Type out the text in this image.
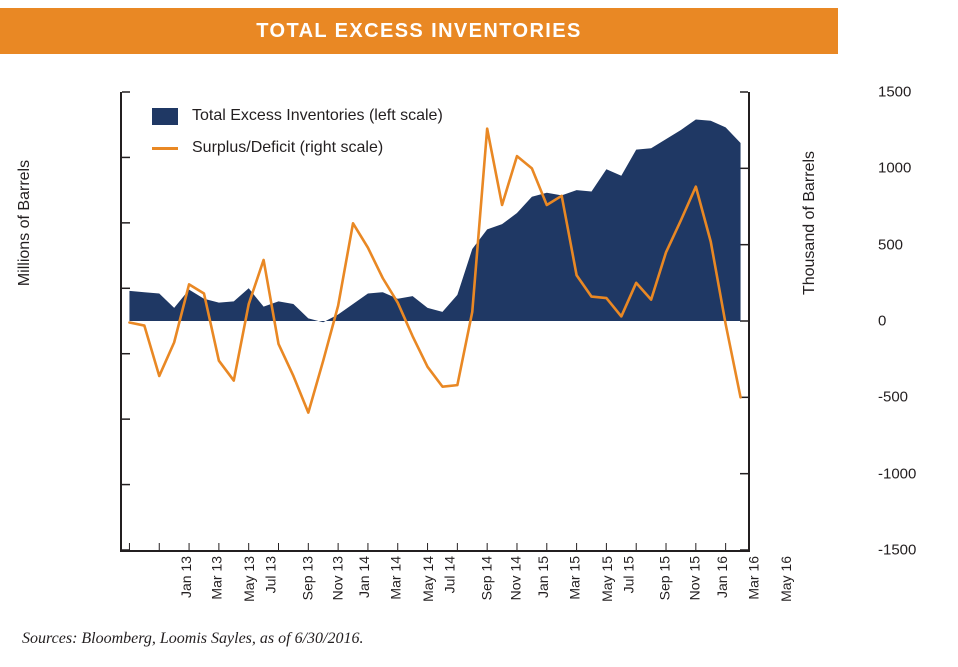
TOTAL EXCESS INVENTORIES
Millions of Barrels	Thousand of Barrels
1500
1000
500
0
-500
-1000
-1500
Jan 13 Mar 13 May 13 Jul 13 Sep 13 Nov 13 Jan 14 Mar 14 May 14 Jul 14 Sep 14 Nov 14 Jan 15 Mar 15 May 15 Jul 15 Sep 15 Nov 15 Jan 16 Mar 16 May 16
Total Excess Inventories (left scale)
Surplus/Deficit (right scale)
Sources: Bloomberg, Loomis Sayles, as of 6/30/2016.
